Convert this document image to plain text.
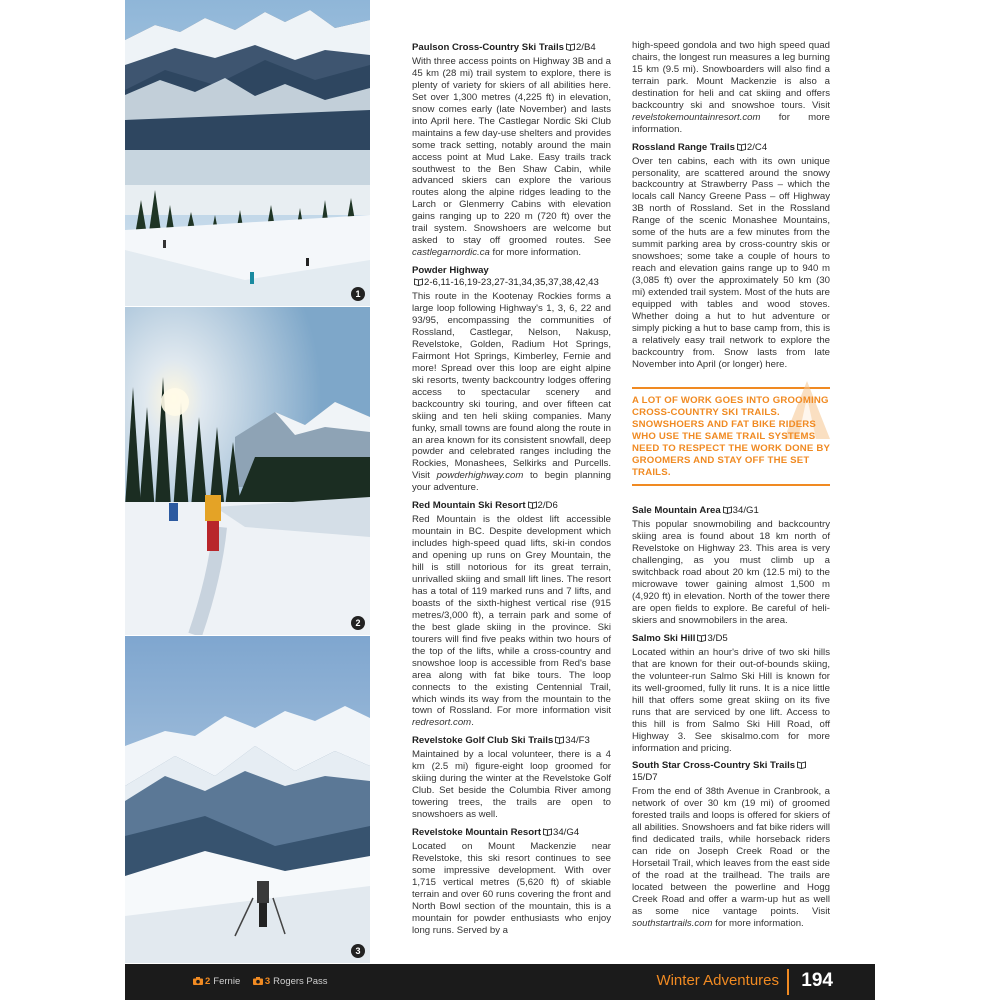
1
2
3
Paulson Cross-Country Ski Trails 2/B4
With three access points on Highway 3B and a 45 km (28 mi) trail system to explore, there is plenty of variety for skiers of all abilities here. Set over 1,300 metres (4,225 ft) in elevation, snow comes early (late November) and lasts into April here. The Castlegar Nordic Ski Club maintains a few day-use shelters and provides some track setting, notably around the main access point at Mud Lake. Easy trails track southwest to the Ben Shaw Cabin, while advanced skiers can explore the various routes along the alpine ridges leading to the Larch or Glenmerry Cabins with elevation gains ranging up to 220 m (720 ft) over the trail system. Snowshoers are welcome but asked to stay off groomed routes. See castlegarnordic.ca for more information.
Powder Highway

2-6,11-16,19-23,27-31,34,35,37,38,42,43
This route in the Kootenay Rockies forms a large loop following Highway's 1, 3, 6, 22 and 93/95, encompassing the communities of Rossland, Castlegar, Nelson, Nakusp, Revelstoke, Golden, Radium Hot Springs, Fairmont Hot Springs, Kimberley, Fernie and more! Spread over this loop are eight alpine ski resorts, twenty backcountry lodges offering access to spectacular scenery and backcountry ski touring, and over fifteen cat skiing and ten heli skiing companies. Many funky, small towns are found along the route in an area known for its consistent snowfall, deep powder and celebrated ranges including the Rockies, Monashees, Selkirks and Purcells. Visit powderhighway.com to begin planning your adventure.
Red Mountain Ski Resort 2/D6
Red Mountain is the oldest lift accessible mountain in BC. Despite development which includes high-speed quad lifts, ski-in condos and opening up runs on Grey Mountain, the hill is still notorious for its great terrain, unrivalled skiing and small lift lines. The resort has a total of 119 marked runs and 7 lifts, and boasts of the sixth-highest vertical rise (915 metres/3,000 ft), a terrain park and some of the best glade skiing in the province. Ski tourers will find five peaks within two hours of the top of the lifts, while a cross-country and snowshoe loop is accessible from Red's base area along with fat bike tours. The loop connects to the existing Centennial Trail, which winds its way from the mountain to the town of Rossland. For more information visit redresort.com.
Revelstoke Golf Club Ski Trails 34/F3
Maintained by a local volunteer, there is a 4 km (2.5 mi) figure-eight loop groomed for skiing during the winter at the Revelstoke Golf Club. Set beside the Columbia River among towering trees, the trails are open to snowshoers as well.
Revelstoke Mountain Resort 34/G4
Located on Mount Mackenzie near Revelstoke, this ski resort continues to see some impressive development. With over 1,715 vertical metres (5,620 ft) of skiable terrain and over 60 runs covering the front and North Bowl section of the mountain, this is a mountain for powder enthusiasts who enjoy long runs. Served by a
high-speed gondola and two high speed quad chairs, the longest run measures a leg burning 15 km (9.5 mi). Snowboarders will also find a terrain park. Mount Mackenzie is also a destination for heli and cat skiing and offers backcountry ski and snowshoe tours. Visit revelstokemountainresort.com for more information.
Rossland Range Trails 2/C4
Over ten cabins, each with its own unique personality, are scattered around the snowy backcountry at Strawberry Pass – which the locals call Nancy Greene Pass – off Highway 3B north of Rossland. Set in the Rossland Range of the scenic Monashee Mountains, some of the huts are a few minutes from the summit parking area by cross-country skis or snowshoes; some take a couple of hours to reach and elevation gains range up to 940 m (3,085 ft) over the approximately 50 km (30 mi) extended trail system. Most of the huts are equipped with tables and wood stoves. Whether doing a hut to hut adventure or simply picking a hut to base camp from, this is a relatively easy trail network to explore the backcountry from. Snow lasts from late November into April (or longer) here.
A LOT OF WORK GOES INTO GROOMING CROSS-COUNTRY SKI TRAILS. SNOWSHOERS AND FAT BIKE RIDERS WHO USE THE SAME TRAIL SYSTEMS NEED TO RESPECT THE WORK DONE BY GROOMERS AND STAY OFF THE SET TRAILS.
Sale Mountain Area 34/G1
This popular snowmobiling and backcountry skiing area is found about 18 km north of Revelstoke on Highway 23. This area is very challenging, as you must climb up a switchback road about 20 km (12.5 mi) to the microwave tower gaining almost 1,500 m (4,920 ft) in elevation. North of the tower there are open fields to explore. Be careful of heli-skiers and snowmobilers in the area.
Salmo Ski Hill 3/D5
Located within an hour's drive of two ski hills that are known for their out-of-bounds skiing, the volunteer-run Salmo Ski Hill is known for its well-groomed, fully lit runs. It is a nice little hill that offers some great skiing on its five runs that are serviced by one lift. Access to this hill is from Salmo Ski Hill Road, off Highway 3. See skisalmo.com for more information and pricing.
South Star Cross-Country Ski Trails
15/D7
From the end of 38th Avenue in Cranbrook, a network of over 30 km (19 mi) of groomed forested trails and loops is offered for skiers of all abilities. Snowshoers and fat bike riders will find dedicated trails, while horseback riders can ride on Joseph Creek Road or the Horsetail Trail, which leaves from the east side of the road at the trailhead. The trails are located between the powerline and Hogg Creek Road and offer a warm-up hut as well as some nice vantage points. Visit southstartrails.com for more information.
2 Fernie	3 Rogers Pass	Winter Adventures 194
